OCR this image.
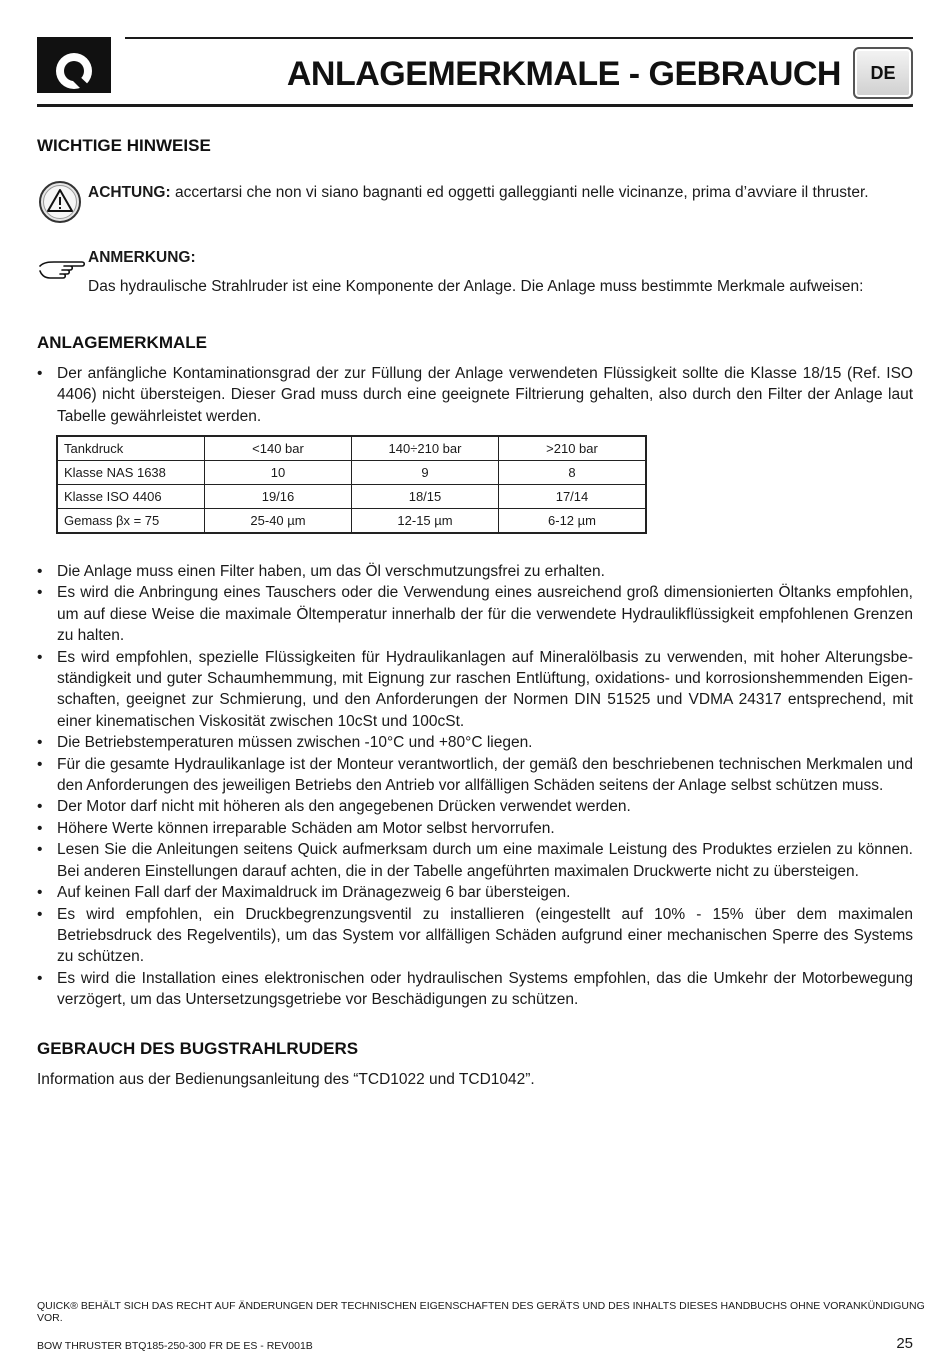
ANLAGEMERKMALE - GEBRAUCH	DE
WICHTIGE HINWEISE
ACHTUNG: accertarsi che non vi siano bagnanti ed oggetti galleggianti nelle vicinanze, prima d’avviare il thruster.
ANMERKUNG:
Das hydraulische Strahlruder ist eine Komponente der Anlage. Die Anlage muss bestimmte Merkmale aufweisen:
ANLAGEMERKMALE
• Der anfängliche Kontaminationsgrad der zur Füllung der Anlage verwendeten Flüssigkeit sollte die Klasse 18/15 (Ref. ISO 4406) nicht übersteigen. Dieser Grad muss durch eine geeignete Filtrierung gehalten, also durch den Filter der Anlage laut Tabelle gewährleistet werden.
Tankdruck	<140 bar	140÷210 bar	>210 bar
Klasse NAS 1638	10	9	8
Klasse ISO 4406	19/16	18/15	17/14
Gemass βx = 75	25-40 µm	12-15 µm	6-12 µm
• Die Anlage muss einen Filter haben, um das Öl verschmutzungsfrei zu erhalten.
• Es wird die Anbringung eines Tauschers oder die Verwendung eines ausreichend groß dimensionierten Öltanks empfohlen, um auf diese Weise die maximale Öltemperatur innerhalb der für die verwendete Hydraulikflüssigkeit empfohlenen Grenzen zu halten.
• Es wird empfohlen, spezielle Flüssigkeiten für Hydraulikanlagen auf Mineralölbasis zu verwenden, mit hoher Alterungsbe-ständigkeit und guter Schaumhemmung, mit Eignung zur raschen Entlüftung, oxidations- und korrosionshemmenden Eigen-schaften, geeignet zur Schmierung, und den Anforderungen der Normen DIN 51525 und VDMA 24317 entsprechend, mit einer kinematischen Viskosität zwischen 10cSt und 100cSt.
• Die Betriebstemperaturen müssen zwischen -10°C und +80°C liegen.
• Für die gesamte Hydraulikanlage ist der Monteur verantwortlich, der gemäß den beschriebenen technischen Merkmalen und den Anforderungen des jeweiligen Betriebs den Antrieb vor allfälligen Schäden seitens der Anlage selbst schützen muss.
• Der Motor darf nicht mit höheren als den angegebenen Drücken verwendet werden.
• Höhere Werte können irreparable Schäden am Motor selbst hervorrufen.
• Lesen Sie die Anleitungen seitens Quick aufmerksam durch um eine maximale Leistung des Produktes erzielen zu können. Bei anderen Einstellungen darauf achten, die in der Tabelle angeführten maximalen Druckwerte nicht zu übersteigen.
• Auf keinen Fall darf der Maximaldruck im Dränagezweig 6 bar übersteigen.
• Es wird empfohlen, ein Druckbegrenzungsventil zu installieren (eingestellt auf 10% - 15% über dem maximalen Betriebsdruck des Regelventils), um das System vor allfälligen Schäden aufgrund einer mechanischen Sperre des Systems zu schützen.
• Es wird die Installation eines elektronischen oder hydraulischen Systems empfohlen, das die Umkehr der Motorbewegung verzögert, um das Untersetzungsgetriebe vor Beschädigungen zu schützen.
GEBRAUCH DES BUGSTRAHLRUDERS
Information aus der Bedienungsanleitung des “TCD1022 und TCD1042”.
QUICK® BEHÄLT SICH DAS RECHT AUF ÄNDERUNGEN DER TECHNISCHEN EIGENSCHAFTEN DES GERÄTS UND DES INHALTS DIESES HANDBUCHS OHNE VORANKÜNDIGUNG VOR.
BOW THRUSTER BTQ185-250-300 FR DE ES - REV001B	25
